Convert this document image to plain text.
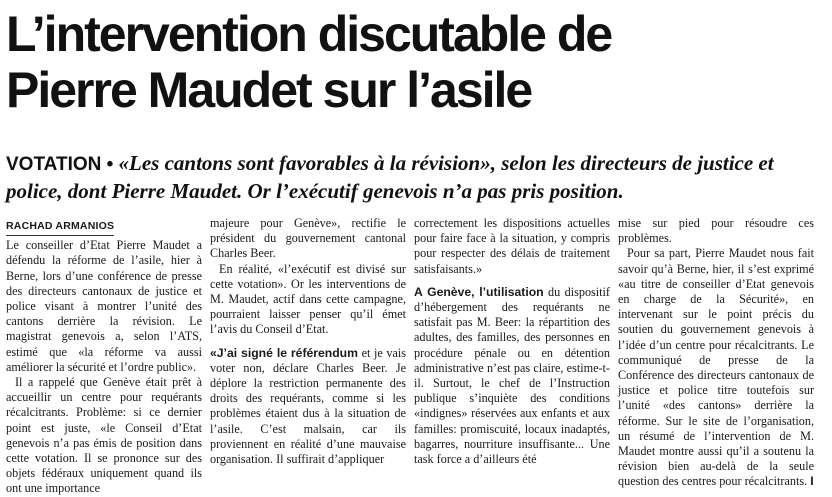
L’intervention discutable de
Pierre Maudet sur l’asile
VOTATION • «Les cantons sont favorables à la révision», selon les directeurs de justice et police, dont Pierre Maudet. Or l’exécutif genevois n’a pas pris position.
RACHAD ARMANIOS

Le conseiller d’Etat Pierre Maudet a défendu la réforme de l’asile, hier à Berne, lors d’une conférence de presse des directeurs cantonaux de justice et police visant à montrer l’unité des cantons derrière la révision. Le magistrat genevois a, selon l’ATS, estimé que «la réforme va aussi améliorer la sécurité et l’ordre public».

Il a rappelé que Genève était prêt à accueillir un centre pour requérants récalcitrants. Problème: si ce dernier point est juste, «le Conseil d’Etat genevois n’a pas émis de position dans cette votation. Il se prononce sur des objets fédéraux uniquement quand ils ont une importance

majeure pour Genève», rectifie le président du gouvernement cantonal Charles Beer.

En réalité, «l’exécutif est divisé sur cette votation». Or les interventions de M. Maudet, actif dans cette campagne, pourraient laisser penser qu’il émet l’avis du Conseil d’Etat.

«J’ai signé le référendum et je vais voter non, déclare Charles Beer. Je déplore la restriction permanente des droits des requérants, comme si les problèmes étaient dus à la situation de l’asile. C’est malsain, car ils proviennent en réalité d’une mauvaise organisation. Il suffirait d’appliquer

correctement les dispositions actuelles pour faire face à la situation, y compris pour respecter des délais de traitement satisfaisants.»

A Genève, l’utilisation du dispositif d’hébergement des requérants ne satisfait pas M. Beer: la répartition des adultes, des familles, des personnes en procédure pénale ou en détention administrative n’est pas claire, estime-t-il. Surtout, le chef de l’Instruction publique s’inquiète des conditions «indignes» réservées aux enfants et aux familles: promiscuité, locaux inadaptés, bagarres, nourriture insuffisante... Une task force a d’ailleurs été

mise sur pied pour résoudre ces problèmes.

Pour sa part, Pierre Maudet nous fait savoir qu’à Berne, hier, il s’est exprimé «au titre de conseiller d’Etat genevois en charge de la Sécurité», en intervenant sur le point précis du soutien du gouvernement genevois à l’idée d’un centre pour récalcitrants. Le communiqué de presse de la Conférence des directeurs cantonaux de justice et police titre toutefois sur l’unité «des cantons» derrière la réforme. Sur le site de l’organisation, un résumé de l’intervention de M. Maudet montre aussi qu’il a soutenu la révision bien au-delà de la seule question des centres pour récalcitrants. I
